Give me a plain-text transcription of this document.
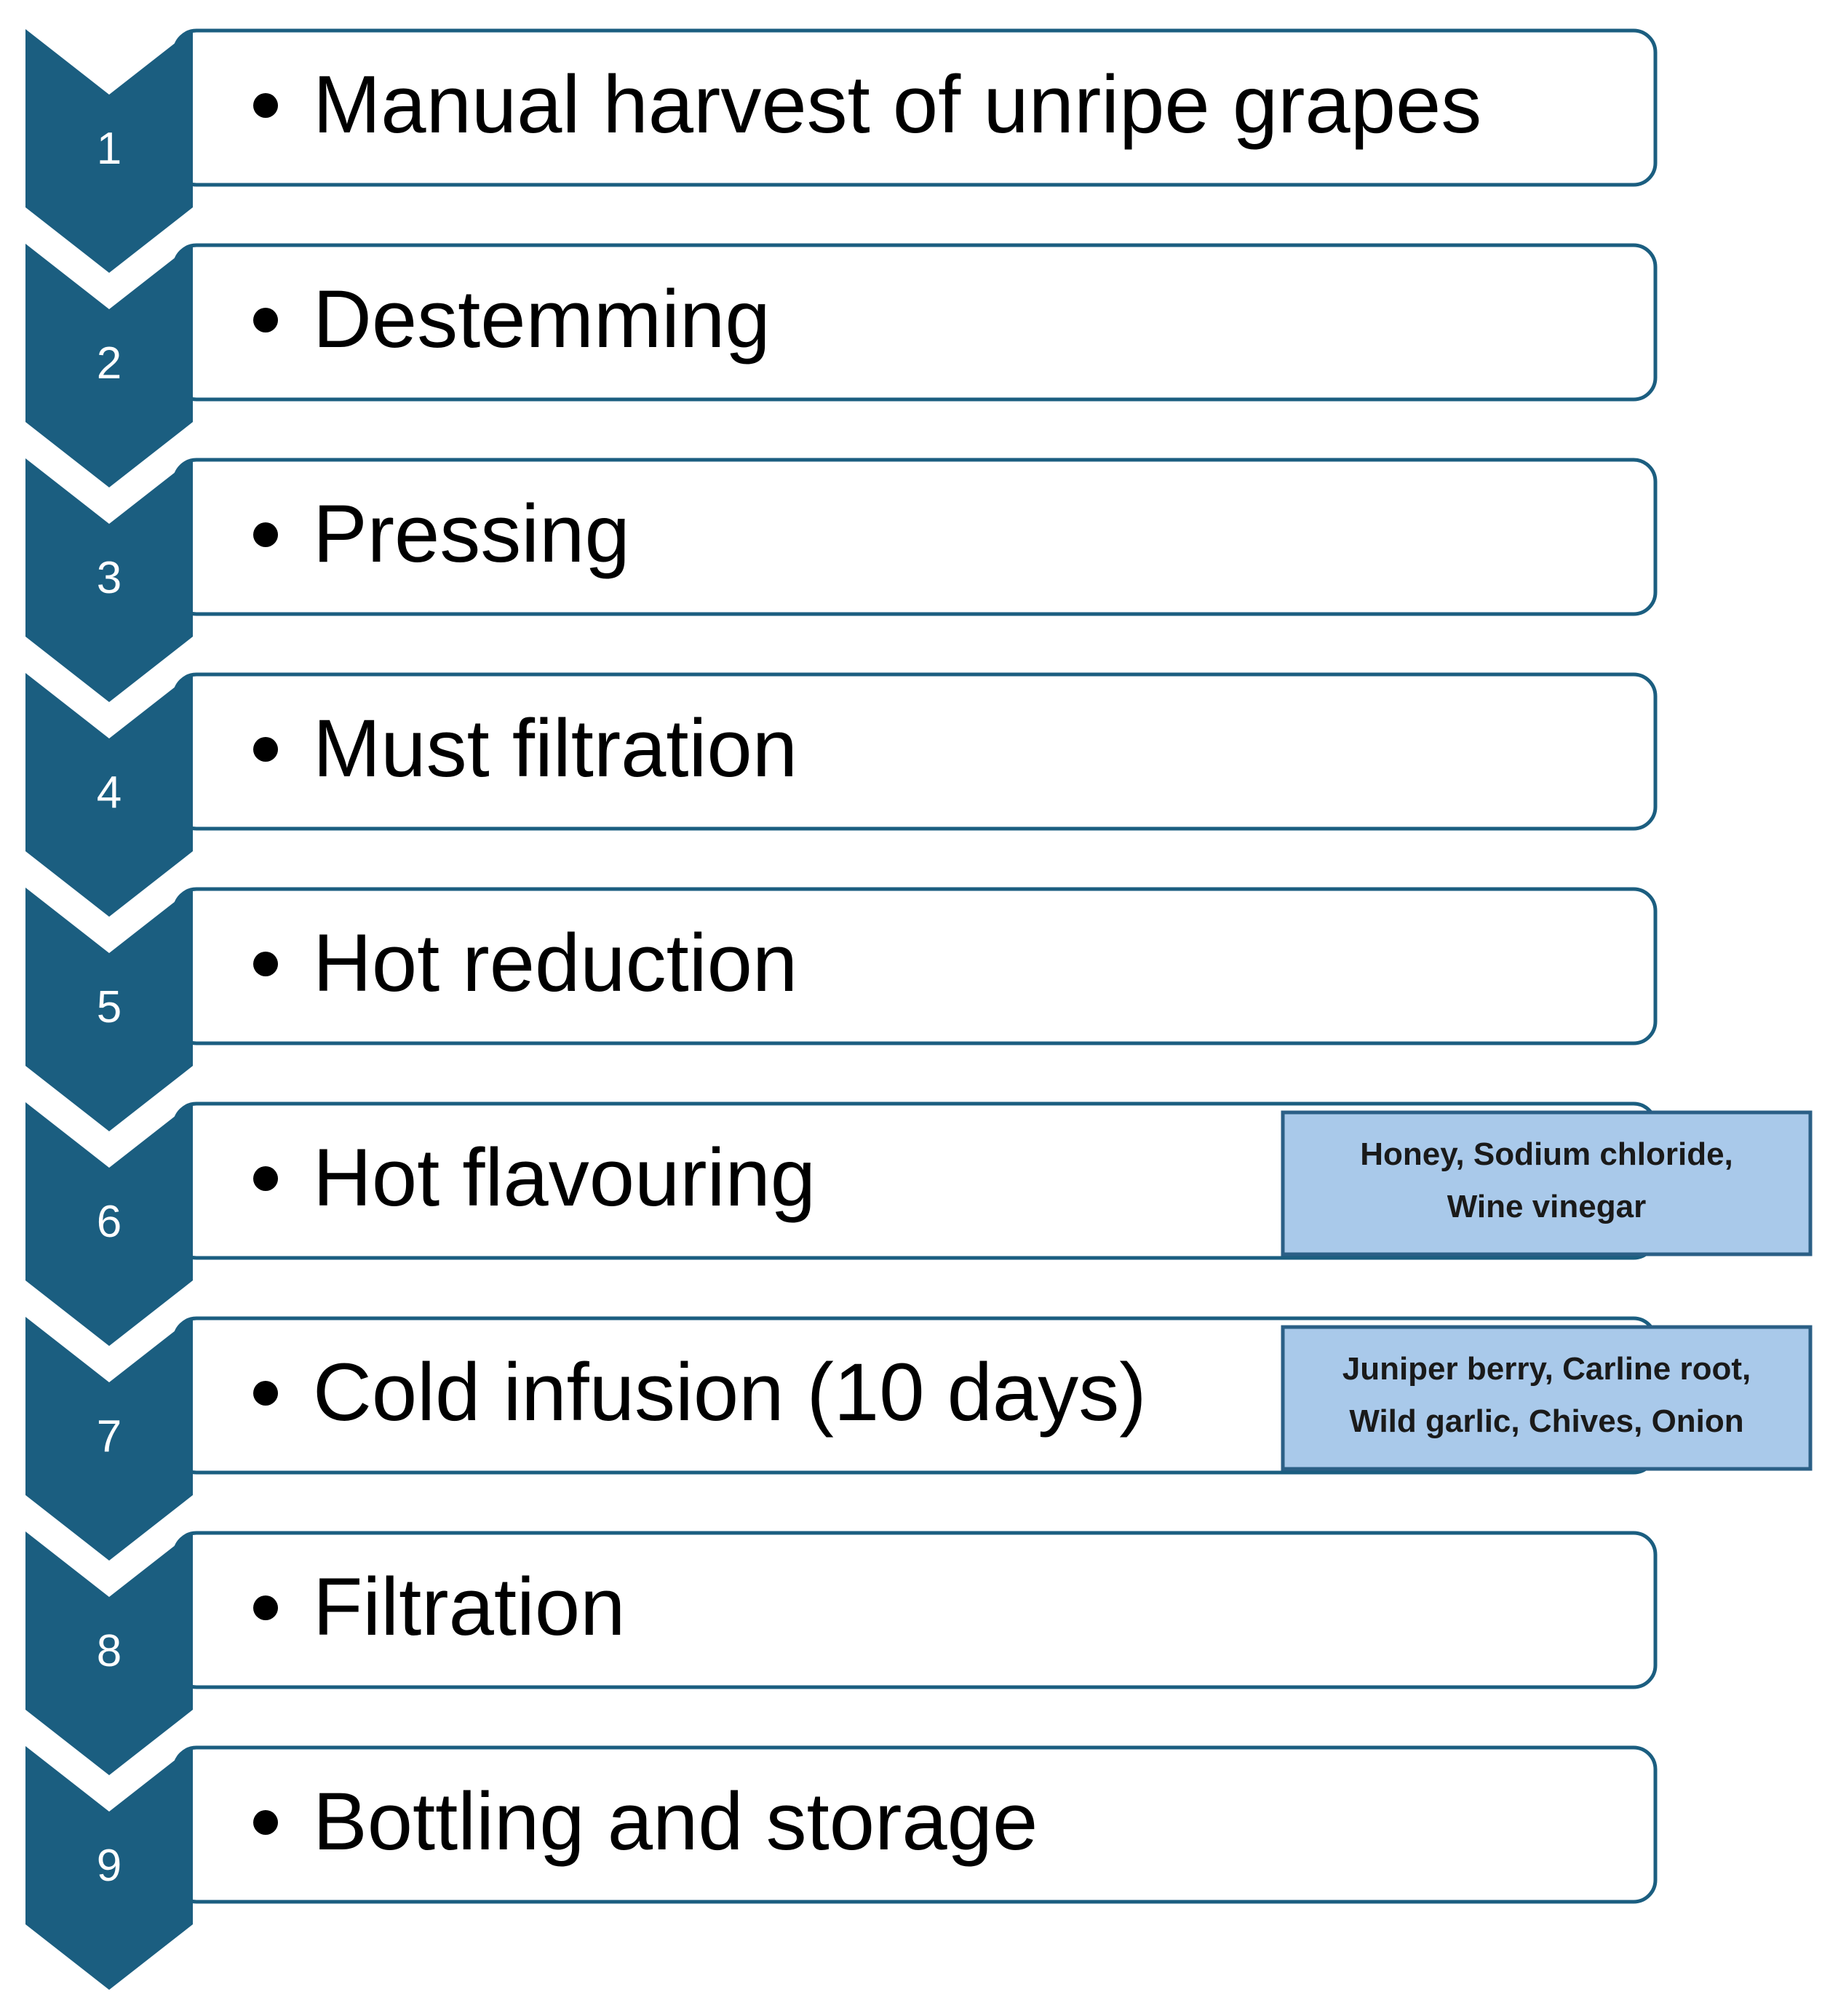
Manual harvest of unripe grapes
Destemming
Pressing
Must filtration
Hot reduction
Hot flavouring
Cold infusion (10 days)
Filtration
Bottling and storage
1
2
3
4
5
6
7
8
9
Honey, Sodium chloride,
Wine vinegar
Juniper berry, Carline root,
Wild garlic, Chives, Onion
